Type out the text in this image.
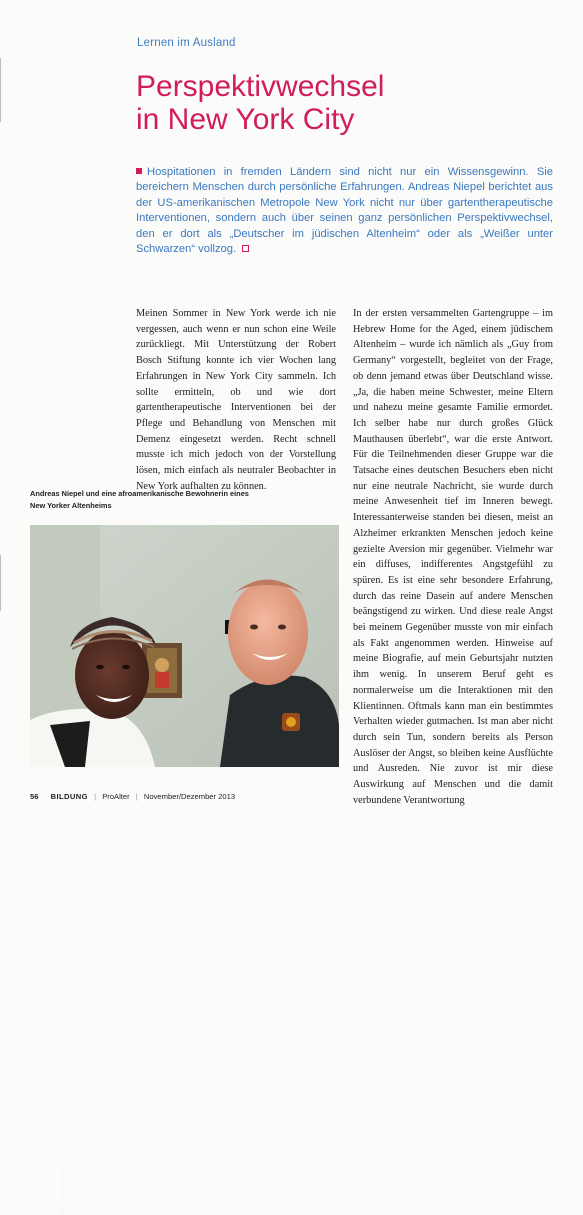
Lernen im Ausland
Perspektivwechsel
in New York City

Hospitationen in fremden Ländern sind nicht nur ein Wissensgewinn. Sie bereichern Menschen durch persönliche Erfahrungen. Andreas Niepel berichtet aus der US-amerikanischen Metropole New York nicht nur über gartentherapeutische Interventionen, sondern auch über seinen ganz persönlichen Perspektivwechsel, den er dort als „Deutscher im jüdischen Altenheim“ oder als „Weißer unter Schwarzen“ vollzog.

Meinen Sommer in New York werde ich nie vergessen, auch wenn er nun schon eine Weile zurückliegt. Mit Unterstützung der Robert Bosch Stiftung konnte ich vier Wochen lang Erfahrungen in New York City sammeln. Ich sollte ermitteln, ob und wie dort gartentherapeutische Interventionen bei der Pflege und Behandlung von Menschen mit Demenz eingesetzt werden. Recht schnell musste ich mich jedoch von der Vorstellung lösen, mich einfach als neutraler Beobachter in New York aufhalten zu können.

In der ersten versammelten Gartengruppe – im Hebrew Home for the Aged, einem jüdischem Altenheim – wurde ich nämlich als „Guy from Germany“ vorgestellt, begleitet von der Frage, ob denn jemand etwas über Deutschland wisse. „Ja, die haben meine Schwester, meine Eltern und nahezu meine gesamte Familie ermordet. Ich selber habe nur durch großes Glück Mauthausen überlebt“, war die erste Antwort. Für die Teilnehmenden dieser Gruppe war die Tatsache eines deutschen Besuchers eben nicht nur eine neutrale Nachricht, sie wurde durch meine Anwesenheit tief im Inneren bewegt. Interessanterweise standen bei diesen, meist an Alzheimer erkrankten Menschen jedoch keine gezielte Aversion mir gegenüber. Vielmehr war ein diffuses, indifferentes Angstgefühl zu spüren. Es ist eine sehr besondere Erfahrung, durch das reine Dasein auf andere Menschen beängstigend zu wirken. Und diese reale Angst bei meinem Gegenüber musste von mir einfach als Fakt angenommen werden. Hinweise auf meine Biografie, auf mein Geburtsjahr nutzten ihm wenig. In unserem Beruf geht es normalerweise um die Interaktionen mit den Klientinnen. Oftmals kann man ein bestimmtes Verhalten wieder gutmachen. Ist man aber nicht durch sein Tun, sondern bereits als Person Auslöser der Angst, so bleiben keine Ausflüchte und Ausreden. Nie zuvor ist mir diese Auswirkung auf Menschen und die damit verbundene Verantwortung

Andreas Niepel und eine afroamerikanische Bewohnerin eines
New Yorker Altenheims
Foto: Andreas Niepel
56 BILDUNG | ProAlter | November/Dezember 2013
